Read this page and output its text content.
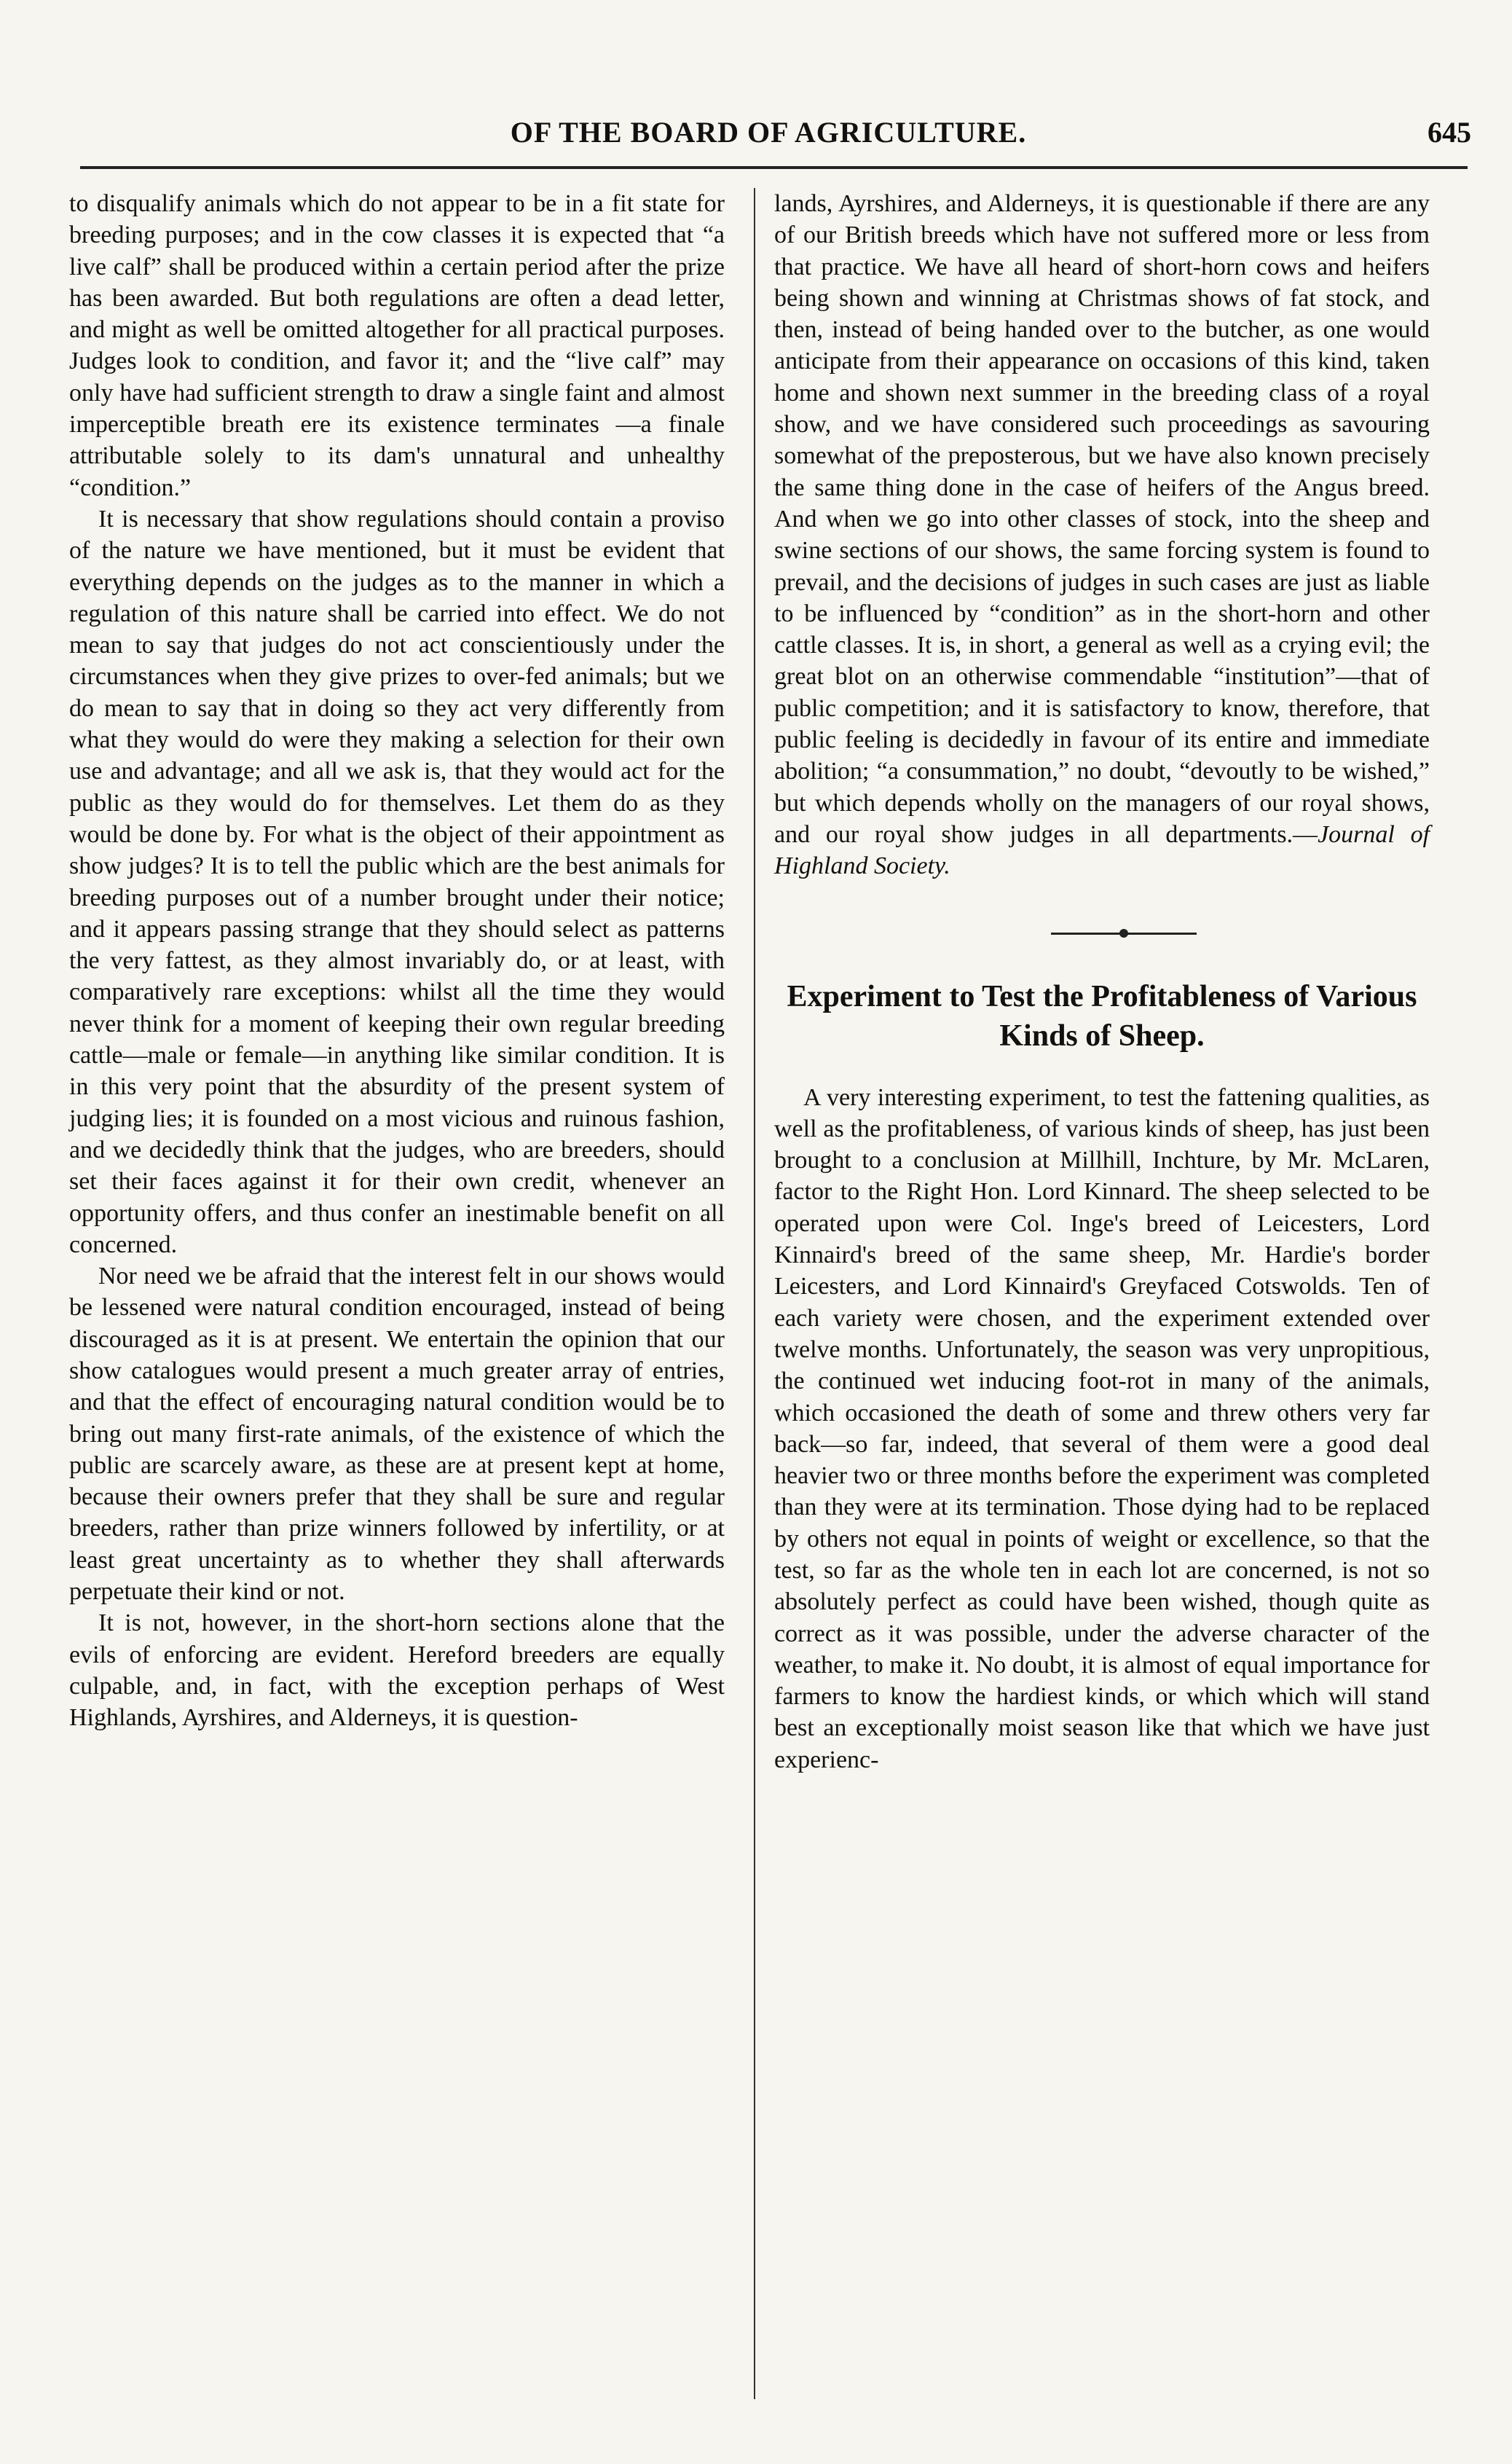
OF THE BOARD OF AGRICULTURE.	645

to disqualify animals which do not appear to be in a fit state for breeding purposes; and in the cow classes it is expected that “a live calf” shall be produced within a certain period after the prize has been awarded. But both regulations are often a dead letter, and might as well be omitted altogether for all practical purposes. Judges look to condition, and favor it; and the “live calf” may only have had sufficient strength to draw a single faint and almost imperceptible breath ere its existence terminates —a finale attributable solely to its dam's unnatural and unhealthy “condition.”

It is necessary that show regulations should contain a proviso of the nature we have mentioned, but it must be evident that everything depends on the judges as to the manner in which a regulation of this nature shall be carried into effect. We do not mean to say that judges do not act conscientiously under the circumstances when they give prizes to over-fed animals; but we do mean to say that in doing so they act very differently from what they would do were they making a selection for their own use and advantage; and all we ask is, that they would act for the public as they would do for themselves. Let them do as they would be done by. For what is the object of their appointment as show judges? It is to tell the public which are the best animals for breeding purposes out of a number brought under their notice; and it appears passing strange that they should select as patterns the very fattest, as they almost invariably do, or at least, with comparatively rare exceptions: whilst all the time they would never think for a moment of keeping their own regular breeding cattle—male or female—in anything like similar condition. It is in this very point that the absurdity of the present system of judging lies; it is founded on a most vicious and ruinous fashion, and we decidedly think that the judges, who are breeders, should set their faces against it for their own credit, whenever an opportunity offers, and thus confer an inestimable benefit on all concerned.

Nor need we be afraid that the interest felt in our shows would be lessened were natural condition encouraged, instead of being discouraged as it is at present. We entertain the opinion that our show catalogues would present a much greater array of entries, and that the effect of encouraging natural condition would be to bring out many first-rate animals, of the existence of which the public are scarcely aware, as these are at present kept at home, because their owners prefer that they shall be sure and regular breeders, rather than prize winners followed by infertility, or at least great uncertainty as to whether they shall afterwards perpetuate their kind or not.

It is not, however, in the short-horn sections alone that the evils of enforcing are evident. Hereford breeders are equally culpable, and, in fact, with the exception perhaps of West Highlands, Ayrshires, and Alderneys, it is question-

lands, Ayrshires, and Alderneys, it is questionable if there are any of our British breeds which have not suffered more or less from that practice. We have all heard of short-horn cows and heifers being shown and winning at Christmas shows of fat stock, and then, instead of being handed over to the butcher, as one would anticipate from their appearance on occasions of this kind, taken home and shown next summer in the breeding class of a royal show, and we have considered such proceedings as savouring somewhat of the preposterous, but we have also known precisely the same thing done in the case of heifers of the Angus breed. And when we go into other classes of stock, into the sheep and swine sections of our shows, the same forcing system is found to prevail, and the decisions of judges in such cases are just as liable to be influenced by “condition” as in the short-horn and other cattle classes. It is, in short, a general as well as a crying evil; the great blot on an otherwise commendable “institution”—that of public competition; and it is satisfactory to know, therefore, that public feeling is decidedly in favour of its entire and immediate abolition; “a consummation,” no doubt, “devoutly to be wished,” but which depends wholly on the managers of our royal shows, and our royal show judges in all departments.—Journal of Highland Society.

Experiment to Test the Profitableness of Various Kinds of Sheep.

A very interesting experiment, to test the fattening qualities, as well as the profitableness, of various kinds of sheep, has just been brought to a conclusion at Millhill, Inchture, by Mr. McLaren, factor to the Right Hon. Lord Kinnard. The sheep selected to be operated upon were Col. Inge's breed of Leicesters, Lord Kinnaird's breed of the same sheep, Mr. Hardie's border Leicesters, and Lord Kinnaird's Greyfaced Cotswolds. Ten of each variety were chosen, and the experiment extended over twelve months. Unfortunately, the season was very unpropitious, the continued wet inducing foot-rot in many of the animals, which occasioned the death of some and threw others very far back—so far, indeed, that several of them were a good deal heavier two or three months before the experiment was completed than they were at its termination. Those dying had to be replaced by others not equal in points of weight or excellence, so that the test, so far as the whole ten in each lot are concerned, is not so absolutely perfect as could have been wished, though quite as correct as it was possible, under the adverse character of the weather, to make it. No doubt, it is almost of equal importance for farmers to know the hardiest kinds, or which which will stand best an exceptionally moist season like that which we have just experienc-
